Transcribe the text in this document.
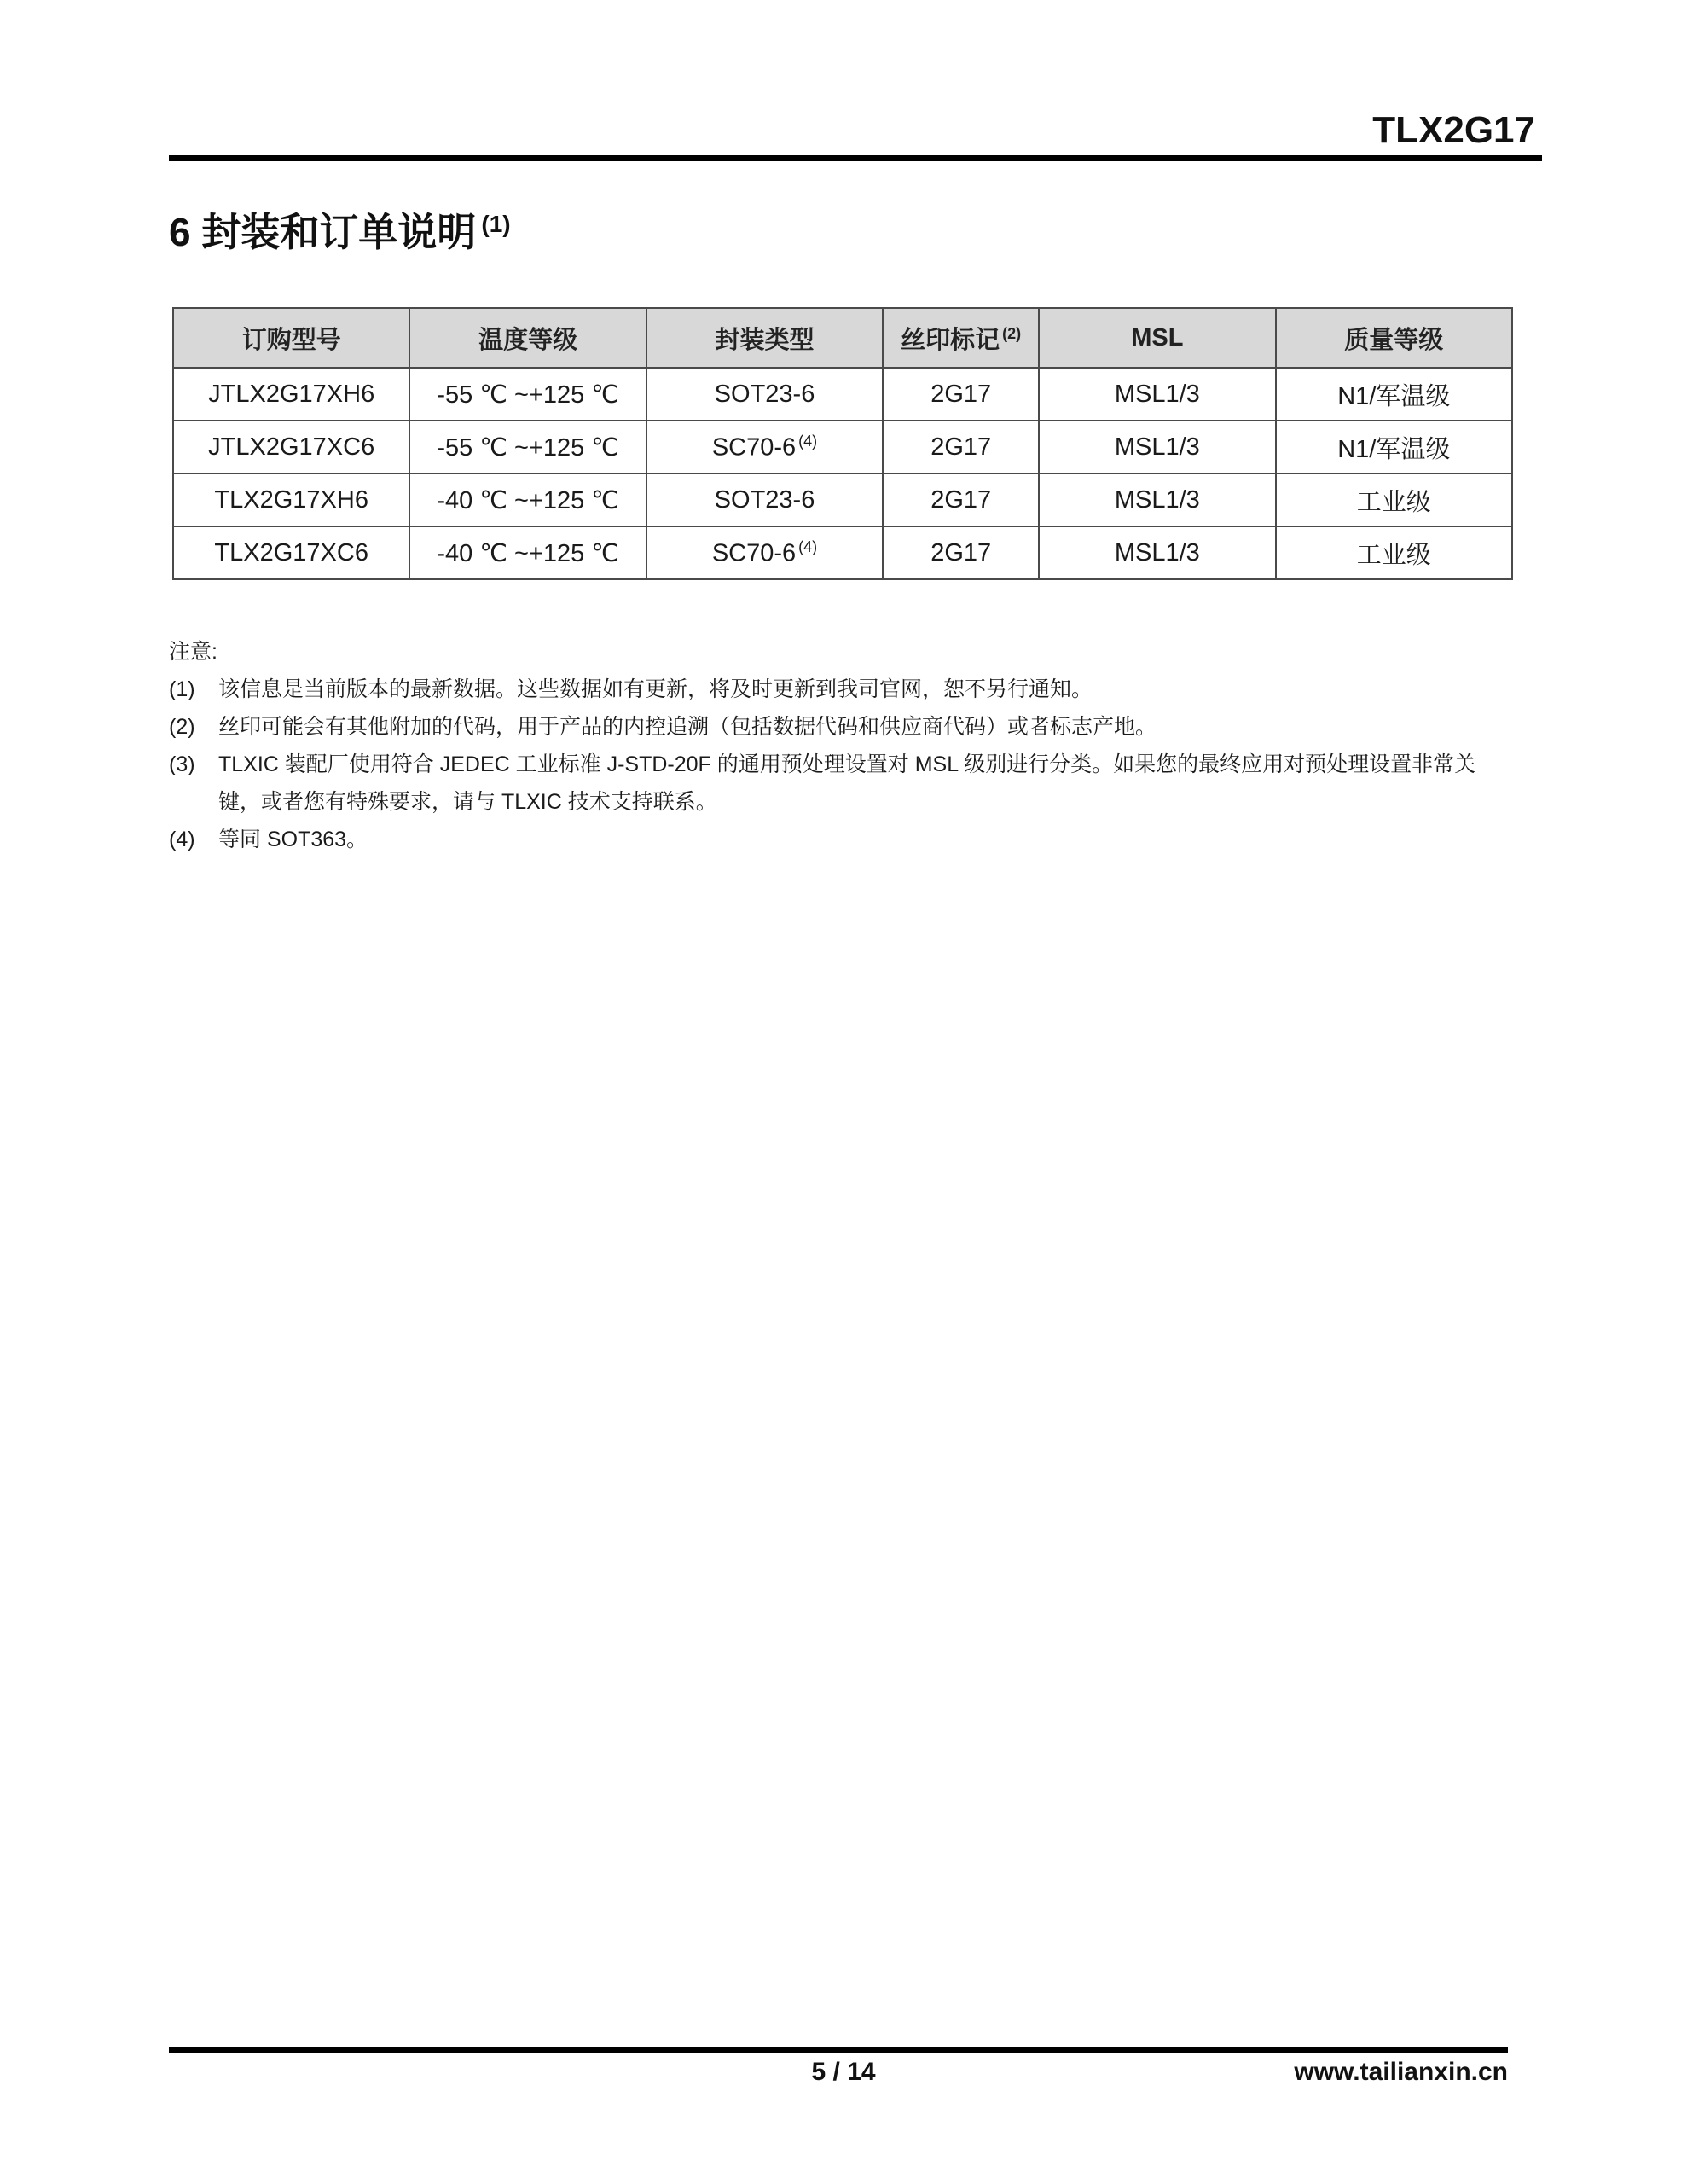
TLX2G17
6 封装和订单说明 $^{(1)}$
订购型号	温度等级	封装类型	丝印标记 $^{(2)}$	MSL	质量等级
JTLX2G17XH6	-55 ℃ ~+125 ℃	SOT23-6	2G17	MSL1/3	N1/军温级
JTLX2G17XC6	-55 ℃ ~+125 ℃	SC70-6 $^{(4)}$	2G17	MSL1/3	N1/军温级
TLX2G17XH6	-40 ℃ ~+125 ℃	SOT23-6	2G17	MSL1/3	工业级
TLX2G17XC6	-40 ℃ ~+125 ℃	SC70-6 $^{(4)}$	2G17	MSL1/3	工业级
注意:
(1)	该信息是当前版本的最新数据。这些数据如有更新，将及时更新到我司官网，恕不另行通知。
(2)	丝印可能会有其他附加的代码，用于产品的内控追溯（包括数据代码和供应商代码）或者标志产地。
(3)	TLXIC 装配厂使用符合 JEDEC 工业标准 J-STD-20F 的通用预处理设置对 MSL 级别进行分类。如果您的最终应用对预处理设置非常关键，或者您有特殊要求，请与 TLXIC 技术支持联系。
(4)	等同 SOT363。
5 / 14	www.tailianxin.cn
